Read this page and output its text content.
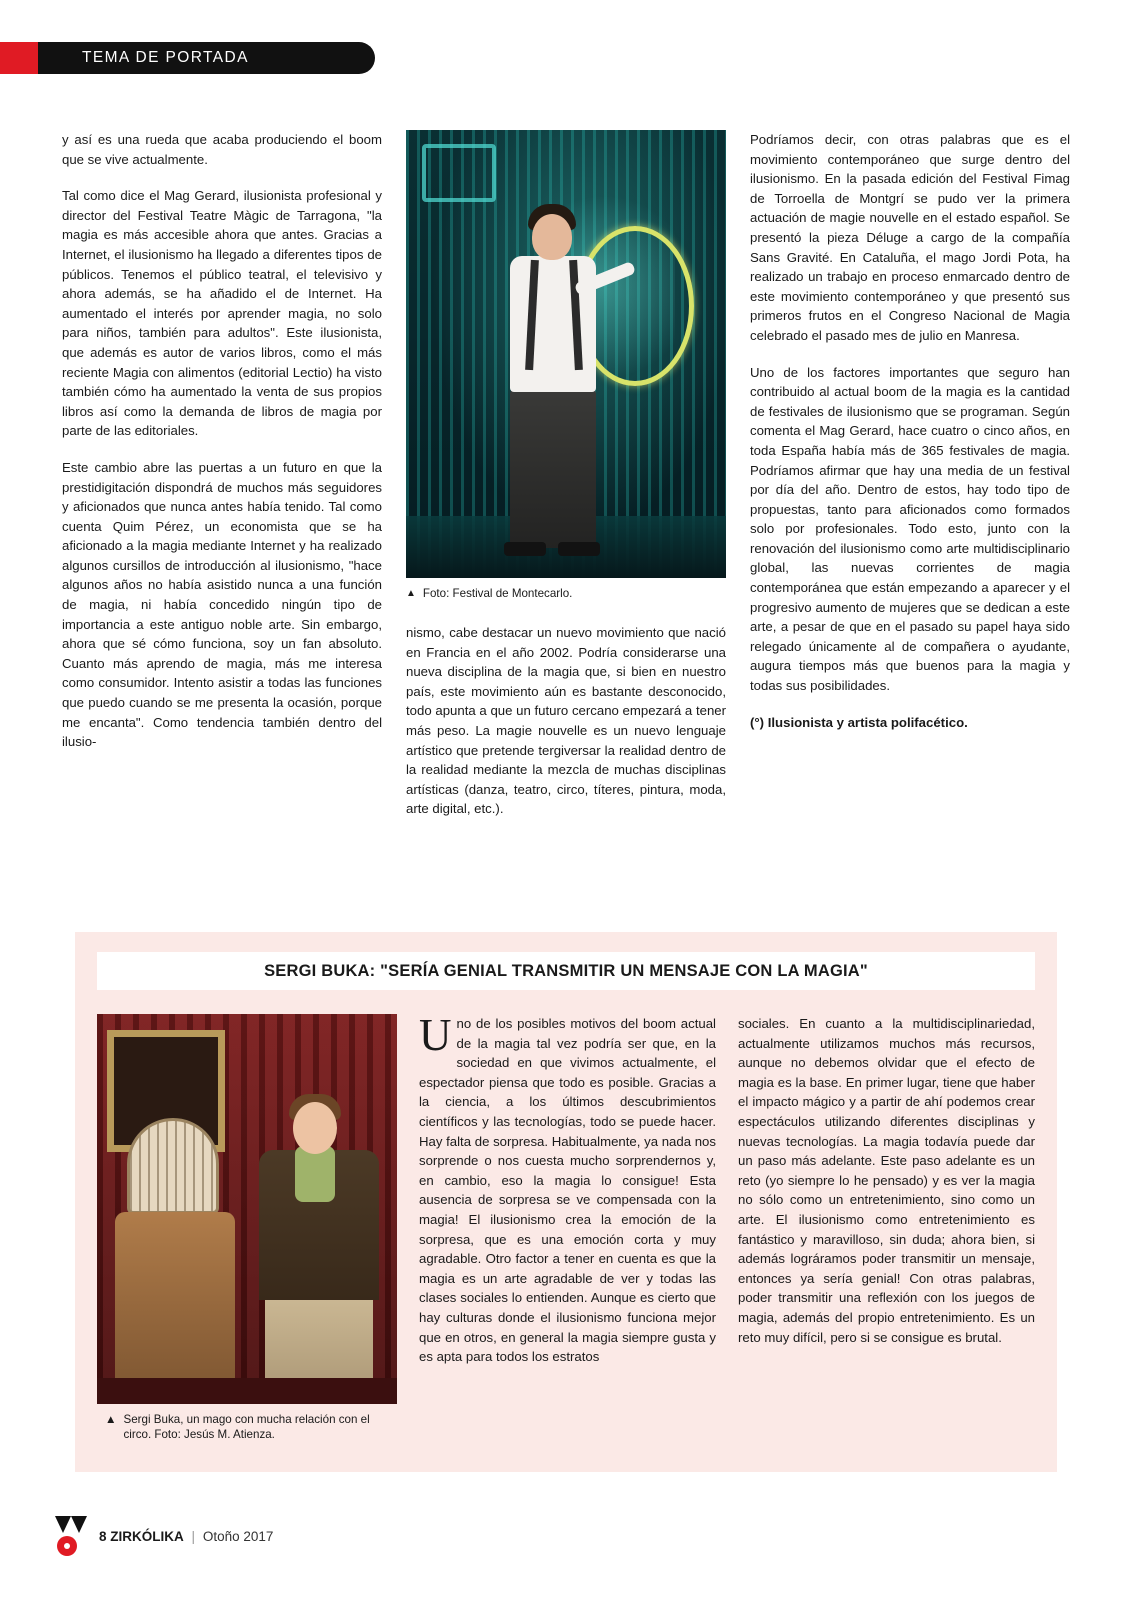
TEMA DE PORTADA

y así es una rueda que acaba produciendo el boom que se vive actualmente.

Tal como dice el Mag Gerard, ilusionista profesional y director del Festival Teatre Màgic de Tarragona, "la magia es más accesible ahora que antes. Gracias a Internet, el ilusionismo ha llegado a diferentes tipos de públicos. Tenemos el público teatral, el televisivo y ahora además, se ha añadido el de Internet. Ha aumentado el interés por aprender magia, no solo para niños, también para adultos". Este ilusionista, que además es autor de varios libros, como el más reciente Magia con alimentos (editorial Lectio) ha visto también cómo ha aumentado la venta de sus propios libros así como la demanda de libros de magia por parte de las editoriales.

Este cambio abre las puertas a un futuro en que la prestidigitación dispondrá de muchos más seguidores y aficionados que nunca antes había tenido. Tal como cuenta Quim Pérez, un economista que se ha aficionado a la magia mediante Internet y ha realizado algunos cursillos de introducción al ilusionismo, "hace algunos años no había asistido nunca a una función de magia, ni había concedido ningún tipo de importancia a este antiguo noble arte. Sin embargo, ahora que sé cómo funciona, soy un fan absoluto. Cuanto más aprendo de magia, más me interesa como consumidor. Intento asistir a todas las funciones que puedo cuando se me presenta la ocasión, porque me encanta". Como tendencia también dentro del ilusio-

▲ Foto: Festival de Montecarlo.

nismo, cabe destacar un nuevo movimiento que nació en Francia en el año 2002. Podría considerarse una nueva disciplina de la magia que, si bien en nuestro país, este movimiento aún es bastante desconocido, todo apunta a que un futuro cercano empezará a tener más peso. La magie nouvelle es un nuevo lenguaje artístico que pretende tergiversar la realidad dentro de la realidad mediante la mezcla de muchas disciplinas artísticas (danza, teatro, circo, títeres, pintura, moda, arte digital, etc.).

Podríamos decir, con otras palabras que es el movimiento contemporáneo que surge dentro del ilusionismo. En la pasada edición del Festival Fimag de Torroella de Montgrí se pudo ver la primera actuación de magie nouvelle en el estado español. Se presentó la pieza Déluge a cargo de la compañía Sans Gravité. En Cataluña, el mago Jordi Pota, ha realizado un trabajo en proceso enmarcado dentro de este movimiento contemporáneo y que presentó sus primeros frutos en el Congreso Nacional de Magia celebrado el pasado mes de julio en Manresa.

Uno de los factores importantes que seguro han contribuido al actual boom de la magia es la cantidad de festivales de ilusionismo que se programan. Según comenta el Mag Gerard, hace cuatro o cinco años, en toda España había más de 365 festivales de magia. Podríamos afirmar que hay una media de un festival por día del año. Dentro de estos, hay todo tipo de propuestas, tanto para aficionados como formados solo por profesionales. Todo esto, junto con la renovación del ilusionismo como arte multidisciplinario global, las nuevas corrientes de magia contemporánea que están empezando a aparecer y el progresivo aumento de mujeres que se dedican a este arte, a pesar de que en el pasado su papel haya sido relegado únicamente al de compañera o ayudante, augura tiempos más que buenos para la magia y todas sus posibilidades.

(°) Ilusionista y artista polifacético.

SERGI BUKA: "SERÍA GENIAL TRANSMITIR UN MENSAJE CON LA MAGIA"
▲ Sergi Buka, un mago con mucha relación con el circo. Foto: Jesús M. Atienza.

Uno de los posibles motivos del boom actual de la magia tal vez podría ser que, en la sociedad en que vivimos actualmente, el espectador piensa que todo es posible. Gracias a la ciencia, a los últimos descubrimientos científicos y las tecnologías, todo se puede hacer. Hay falta de sorpresa. Habitualmente, ya nada nos sorprende o nos cuesta mucho sorprendernos y, en cambio, eso la magia lo consigue! Esta ausencia de sorpresa se ve compensada con la magia! El ilusionismo crea la emoción de la sorpresa, que es una emoción corta y muy agradable. Otro factor a tener en cuenta es que la magia es un arte agradable de ver y todas las clases sociales lo entienden. Aunque es cierto que hay culturas donde el ilusionismo funciona mejor que en otros, en general la magia siempre gusta y es apta para todos los estratos

sociales. En cuanto a la multidisciplinariedad, actualmente utilizamos muchos más recursos, aunque no debemos olvidar que el efecto de magia es la base. En primer lugar, tiene que haber el impacto mágico y a partir de ahí podemos crear espectáculos utilizando diferentes disciplinas y nuevas tecnologías. La magia todavía puede dar un paso más adelante. Este paso adelante es un reto (yo siempre lo he pensado) y es ver la magia no sólo como un entretenimiento, sino como un arte. El ilusionismo como entretenimiento es fantástico y maravilloso, sin duda; ahora bien, si además lográramos poder transmitir un mensaje, entonces ya sería genial! Con otras palabras, poder transmitir una reflexión con los juegos de magia, además del propio entretenimiento. Es un reto muy difícil, pero si se consigue es brutal.

8 ZIRKÓLIKA | Otoño 2017
